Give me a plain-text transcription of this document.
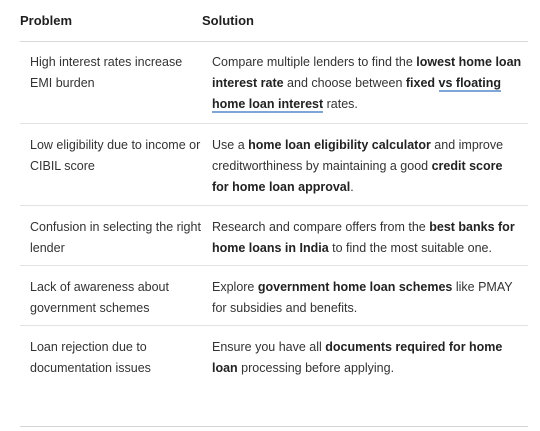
Problem	Solution
High interest rates increase EMI burden
Compare multiple lenders to find the lowest home loan interest rate and choose between fixed vs floating home loan interest rates.
Low eligibility due to income or CIBIL score
Use a home loan eligibility calculator and improve creditworthiness by maintaining a good credit score for home loan approval.
Confusion in selecting the right lender
Research and compare offers from the best banks for home loans in India to find the most suitable one.
Lack of awareness about government schemes
Explore government home loan schemes like PMAY for subsidies and benefits.
Loan rejection due to documentation issues
Ensure you have all documents required for home loan processing before applying.
